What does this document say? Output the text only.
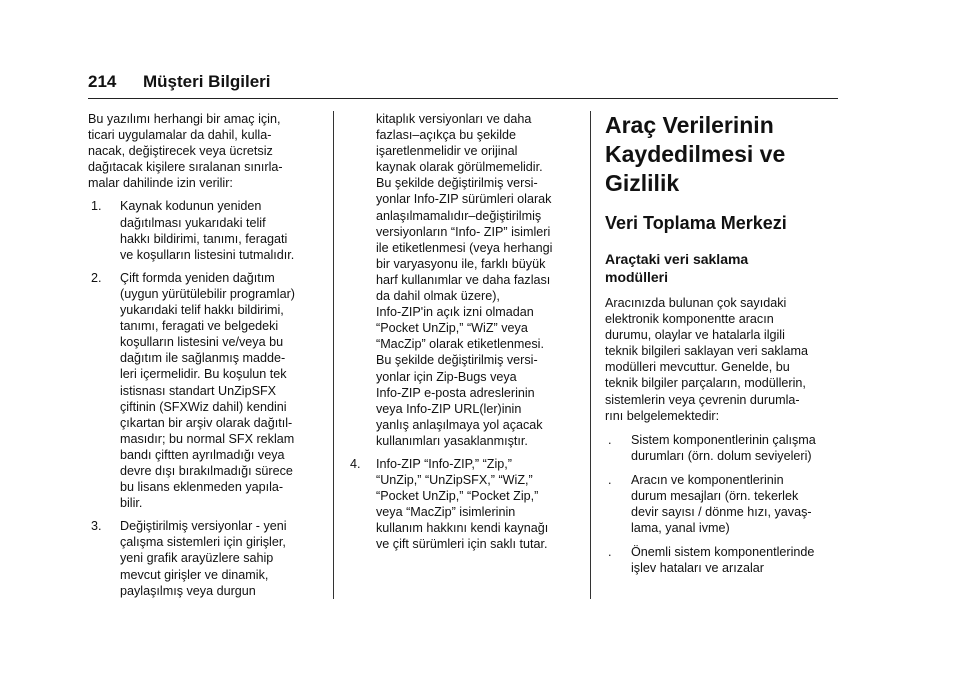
214 Müşteri Bilgileri
Bu yazılımı herhangi bir amaç için,
ticari uygulamalar da dahil, kulla-
nacak, değiştirecek veya ücretsiz
dağıtacak kişilere sıralanan sınırla-
malar dahilinde izin verilir:
1. Kaynak kodunun yeniden
dağıtılması yukarıdaki telif
hakkı bildirimi, tanımı, feragati
ve koşulların listesini tutmalıdır.
2. Çift formda yeniden dağıtım
(uygun yürütülebilir programlar)
yukarıdaki telif hakkı bildirimi,
tanımı, feragati ve belgedeki
koşulların listesini ve/veya bu
dağıtım ile sağlanmış madde-
leri içermelidir. Bu koşulun tek
istisnası standart UnZipSFX
çiftinin (SFXWiz dahil) kendini
çıkartan bir arşiv olarak dağıtıl-
masıdır; bu normal SFX reklam
bandı çiftten ayrılmadığı veya
devre dışı bırakılmadığı sürece
bu lisans eklenmeden yapıla-
bilir.
3. Değiştirilmiş versiyonlar - yeni
çalışma sistemleri için girişler,
yeni grafik arayüzlere sahip
mevcut girişler ve dinamik,
paylaşılmış veya durgun
kitaplık versiyonları ve daha
fazlası–açıkça bu şekilde
işaretlenmelidir ve orijinal
kaynak olarak görülmemelidir.
Bu şekilde değiştirilmiş versi-
yonlar Info-ZIP sürümleri olarak
anlaşılmamalıdır–değiştirilmiş
versiyonların “Info- ZIP” isimleri
ile etiketlenmesi (veya herhangi
bir varyasyonu ile, farklı büyük
harf kullanımlar ve daha fazlası
da dahil olmak üzere),
Info-ZIP'in açık izni olmadan
“Pocket UnZip,” “WiZ” veya
“MacZip” olarak etiketlenmesi.
Bu şekilde değiştirilmiş versi-
yonlar için Zip-Bugs veya
Info-ZIP e-posta adreslerinin
veya Info-ZIP URL(ler)inin
yanlış anlaşılmaya yol açacak
kullanımları yasaklanmıştır.
4. Info-ZIP “Info-ZIP,” “Zip,”
“UnZip,” “UnZipSFX,” “WiZ,”
“Pocket UnZip,” “Pocket Zip,”
veya “MacZip” isimlerinin
kullanım hakkını kendi kaynağı
ve çift sürümleri için saklı tutar.
Araç Verilerinin
Kaydedilmesi ve
Gizlilik
Veri Toplama Merkezi
Araçtaki veri saklama
modülleri
Aracınızda bulunan çok sayıdaki
elektronik komponentte aracın
durumu, olaylar ve hatalarla ilgili
teknik bilgileri saklayan veri saklama
modülleri mevcuttur. Genelde, bu
teknik bilgiler parçaların, modüllerin,
sistemlerin veya çevrenin durumla-
rını belgelemektedir:
. Sistem komponentlerinin çalışma
durumları (örn. dolum seviyeleri)
. Aracın ve komponentlerinin
durum mesajları (örn. tekerlek
devir sayısı / dönme hızı, yavaş-
lama, yanal ivme)
. Önemli sistem komponentlerinde
işlev hataları ve arızalar
